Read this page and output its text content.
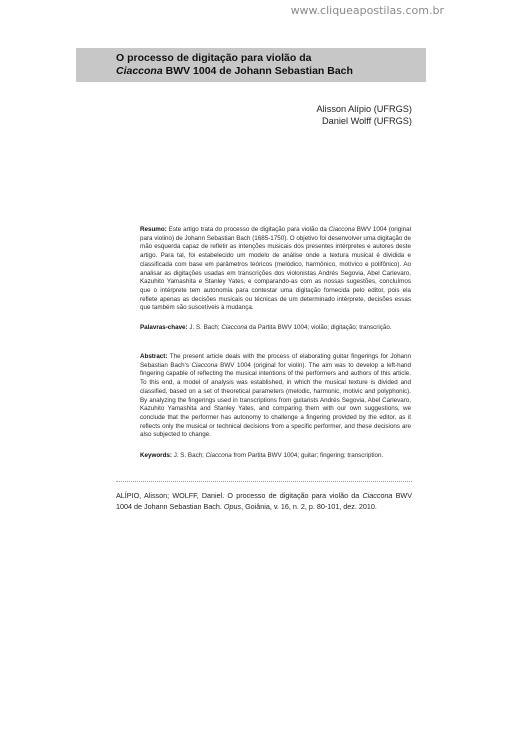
www.cliqueapostilas.com.br
O processo de digitação para violão da
Ciaccona BWV 1004 de Johann Sebastian Bach
Alisson Alípio (UFRGS)
Daniel Wolff (UFRGS)
Resumo: Este artigo trata do processo de digitação para violão da Ciaccona BWV 1004 (original para violino) de Johann Sebastian Bach (1685-1750). O objetivo foi desenvolver uma digitação de mão esquerda capaz de refletir as intenções musicais dos presentes intérpretes e autores deste artigo. Para tal, foi estabelecido um modelo de análise onde a textura musical é dividida e classificada com base em parâmetros teóricos (melódico, harmônico, motívico e polifônico). Ao analisar as digitações usadas em transcrições dos violonistas Andrés Segovia, Abel Carlevaro, Kazuhito Yamashita e Stanley Yates, e comparando-as com as nossas sugestões, concluímos que o intérprete tem autonomia para contestar uma digitação fornecida pelo editor, pois ela reflete apenas as decisões musicais ou técnicas de um determinado intérprete, decisões essas que também são suscetíveis à mudança.
Palavras-chave: J. S. Bach; Ciaccona da Partita BWV 1004; violão; digitação; transcrição.
Abstract: The present article deals with the process of elaborating guitar fingerings for Johann Sebastian Bach's Ciaccona BWV 1004 (original for violin). The aim was to develop a left-hand fingering capable of reflecting the musical intentions of the performers and authors of this article. To this end, a model of analysis was established, in which the musical texture is divided and classified, based on a set of theoretical parameters (melodic, harmonic, motivic and polyphonic). By analyzing the fingerings used in transcriptions from guitarists Andrés Segovia, Abel Carlevaro, Kazuhito Yamashita and Stanley Yates, and comparing them with our own suggestions, we conclude that the performer has autonomy to challenge a fingering provided by the editor, as it reflects only the musical or technical decisions from a specific performer, and these decisions are also subjected to change.
Keywords: J. S. Bach; Ciaccona from Partita BWV 1004; guitar; fingering; transcription.
ALÍPIO, Alisson; WOLFF, Daniel. O processo de digitação para violão da Ciaccona BWV 1004 de Johann Sebastian Bach. Opus, Goiânia, v. 16, n. 2, p. 80-101, dez. 2010.
